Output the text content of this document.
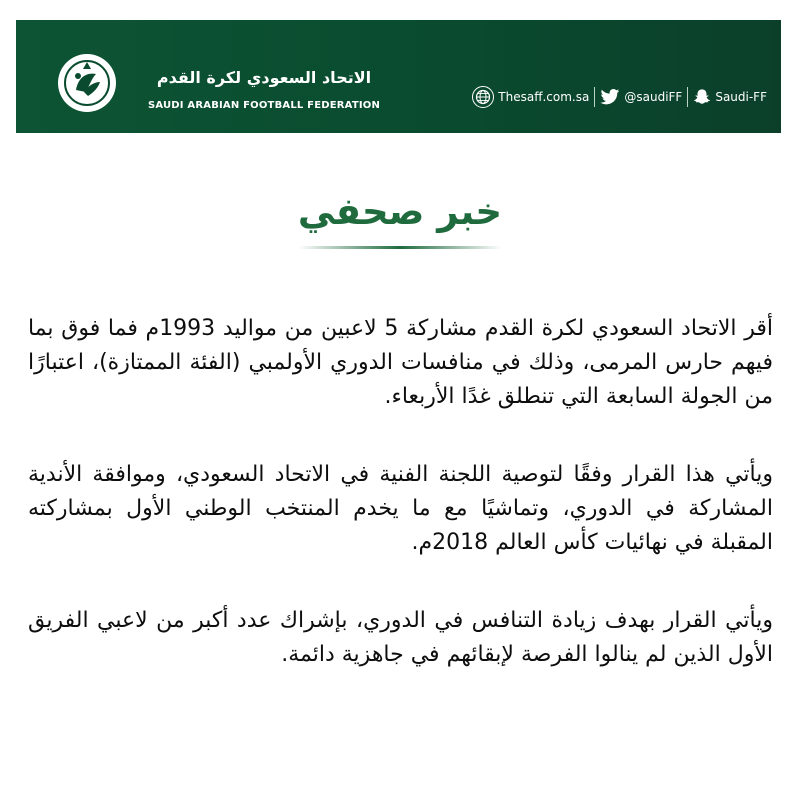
الاتحاد السعودي لكرة القدم
SAUDI ARABIAN FOOTBALL FEDERATION
Thesaff.com.sa	@saudiFF	Saudi-FF
خبر صحفي

أقر الاتحاد السعودي لكرة القدم مشاركة 5 لاعبين من مواليد 1993م فما فوق بما فيهم حارس المرمى، وذلك في منافسات الدوري الأولمبي (الفئة الممتازة)، اعتبارًا من الجولة السابعة التي تنطلق غدًا الأربعاء.

ويأتي هذا القرار وفقًا لتوصية اللجنة الفنية في الاتحاد السعودي، وموافقة الأندية المشاركة في الدوري، وتماشيًا مع ما يخدم المنتخب الوطني الأول بمشاركته المقبلة في نهائيات كأس العالم 2018م.

ويأتي القرار بهدف زيادة التنافس في الدوري، بإشراك عدد أكبر من لاعبي الفريق الأول الذين لم ينالوا الفرصة لإبقائهم في جاهزية دائمة.
